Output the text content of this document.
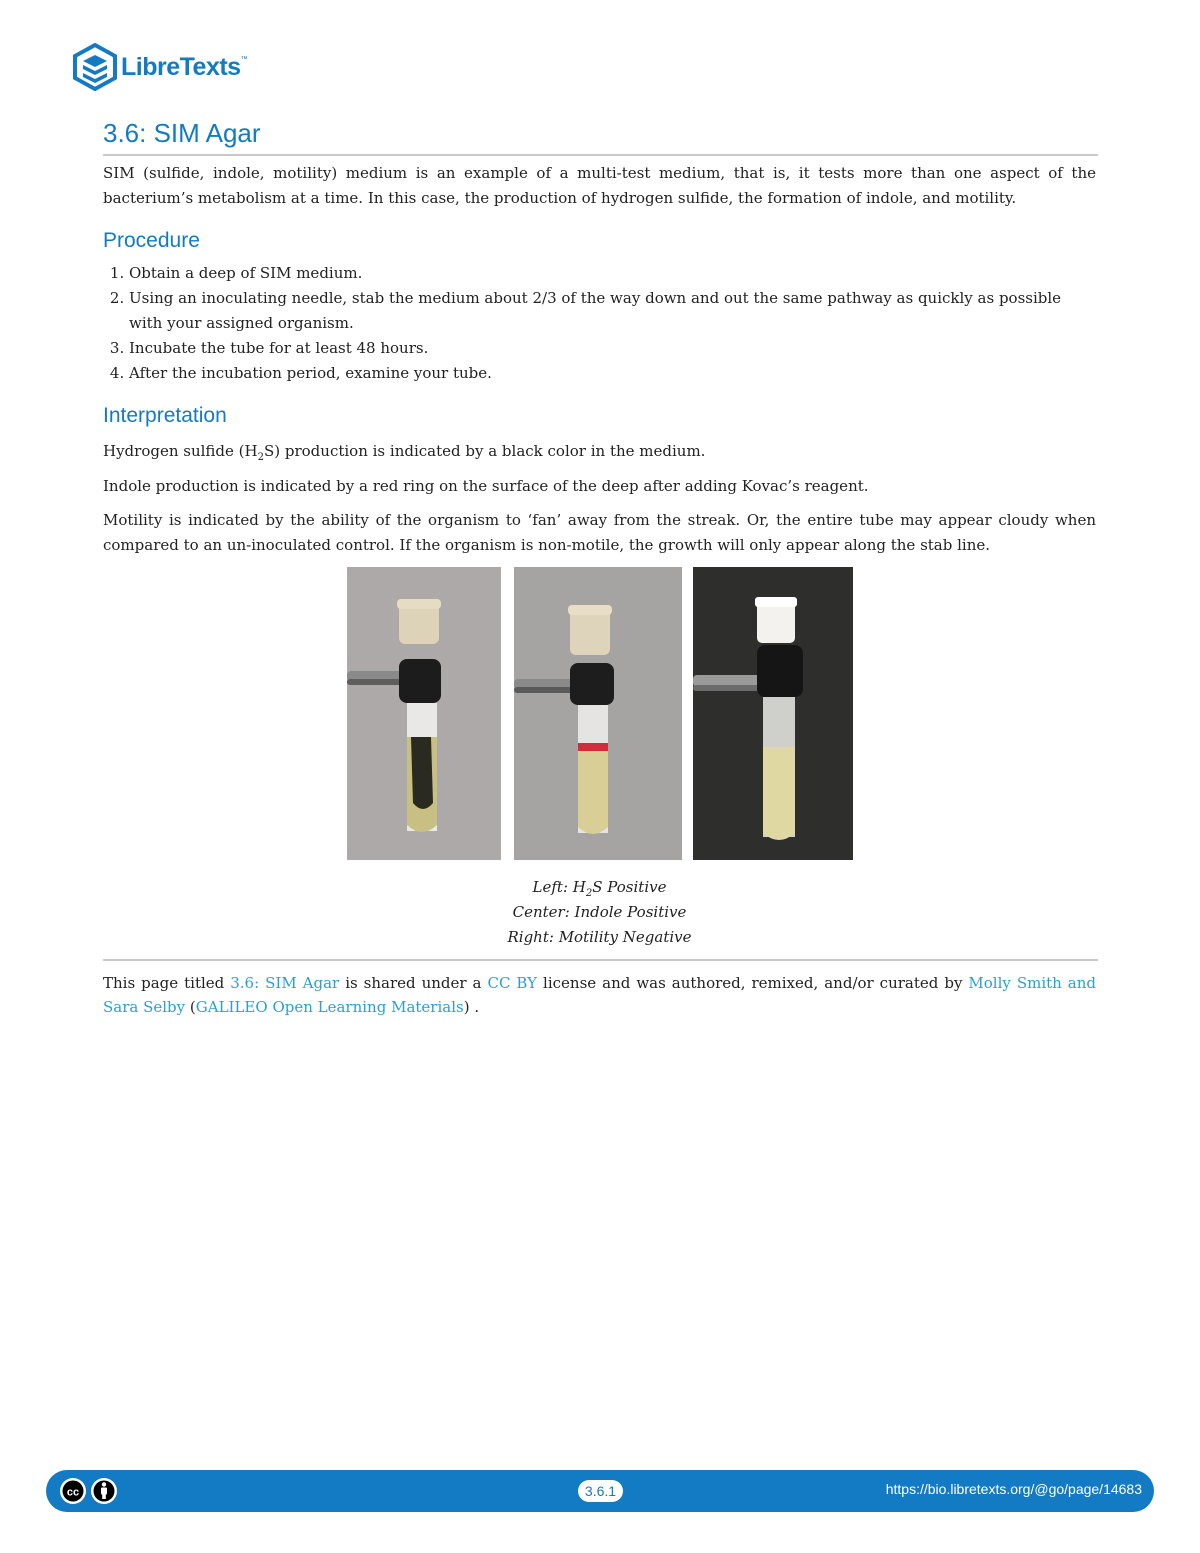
LibreTexts ™
3.6: SIM Agar

SIM (sulfide, indole, motility) medium is an example of a multi-test medium, that is, it tests more than one aspect of the bacterium’s metabolism at a time. In this case, the production of hydrogen sulfide, the formation of indole, and motility.

Procedure
1. Obtain a deep of SIM medium.
2. Using an inoculating needle, stab the medium about 2/3 of the way down and out the same pathway as quickly as possible with your assigned organism.
3. Incubate the tube for at least 48 hours.
4. After the incubation period, examine your tube.
Interpretation

Hydrogen sulfide $(H_2S)$ production is indicated by a black color in the medium.

Indole production is indicated by a red ring on the surface of the deep after adding Kovac’s reagent.

Motility is indicated by the ability of the organism to ‘fan’ away from the streak. Or, the entire tube may appear cloudy when compared to an un-inoculated control. If the organism is non-motile, the growth will only appear along the stab line.

Left: $H_2S$ Positive
Center: Indole Positive
Right: Motility Negative
This page titled 3.6: SIM Agar is shared under a CC BY license and was authored, remixed, and/or curated by Molly Smith and Sara Selby (GALILEO Open Learning Materials) .
cc	3.6.1	https://bio.libretexts.org/@go/page/14683
